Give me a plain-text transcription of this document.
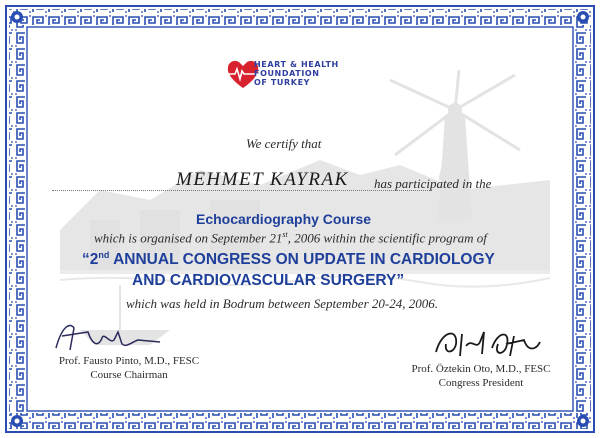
HEART & HEALTH
FOUNDATION
OF TURKEY
We certify that
MEHMET KAYRAK has participated in the
Echocardiography Course
which is organised on September 21st, 2006 within the scientific program of
“2nd ANNUAL CONGRESS ON UPDATE IN CARDIOLOGY
AND CARDIOVASCULAR SURGERY”
which was held in Bodrum between September 20-24, 2006.
Prof. Fausto Pinto, M.D., FESC
Course Chairman	Prof. Öztekin Oto, M.D., FESC
Congress President
